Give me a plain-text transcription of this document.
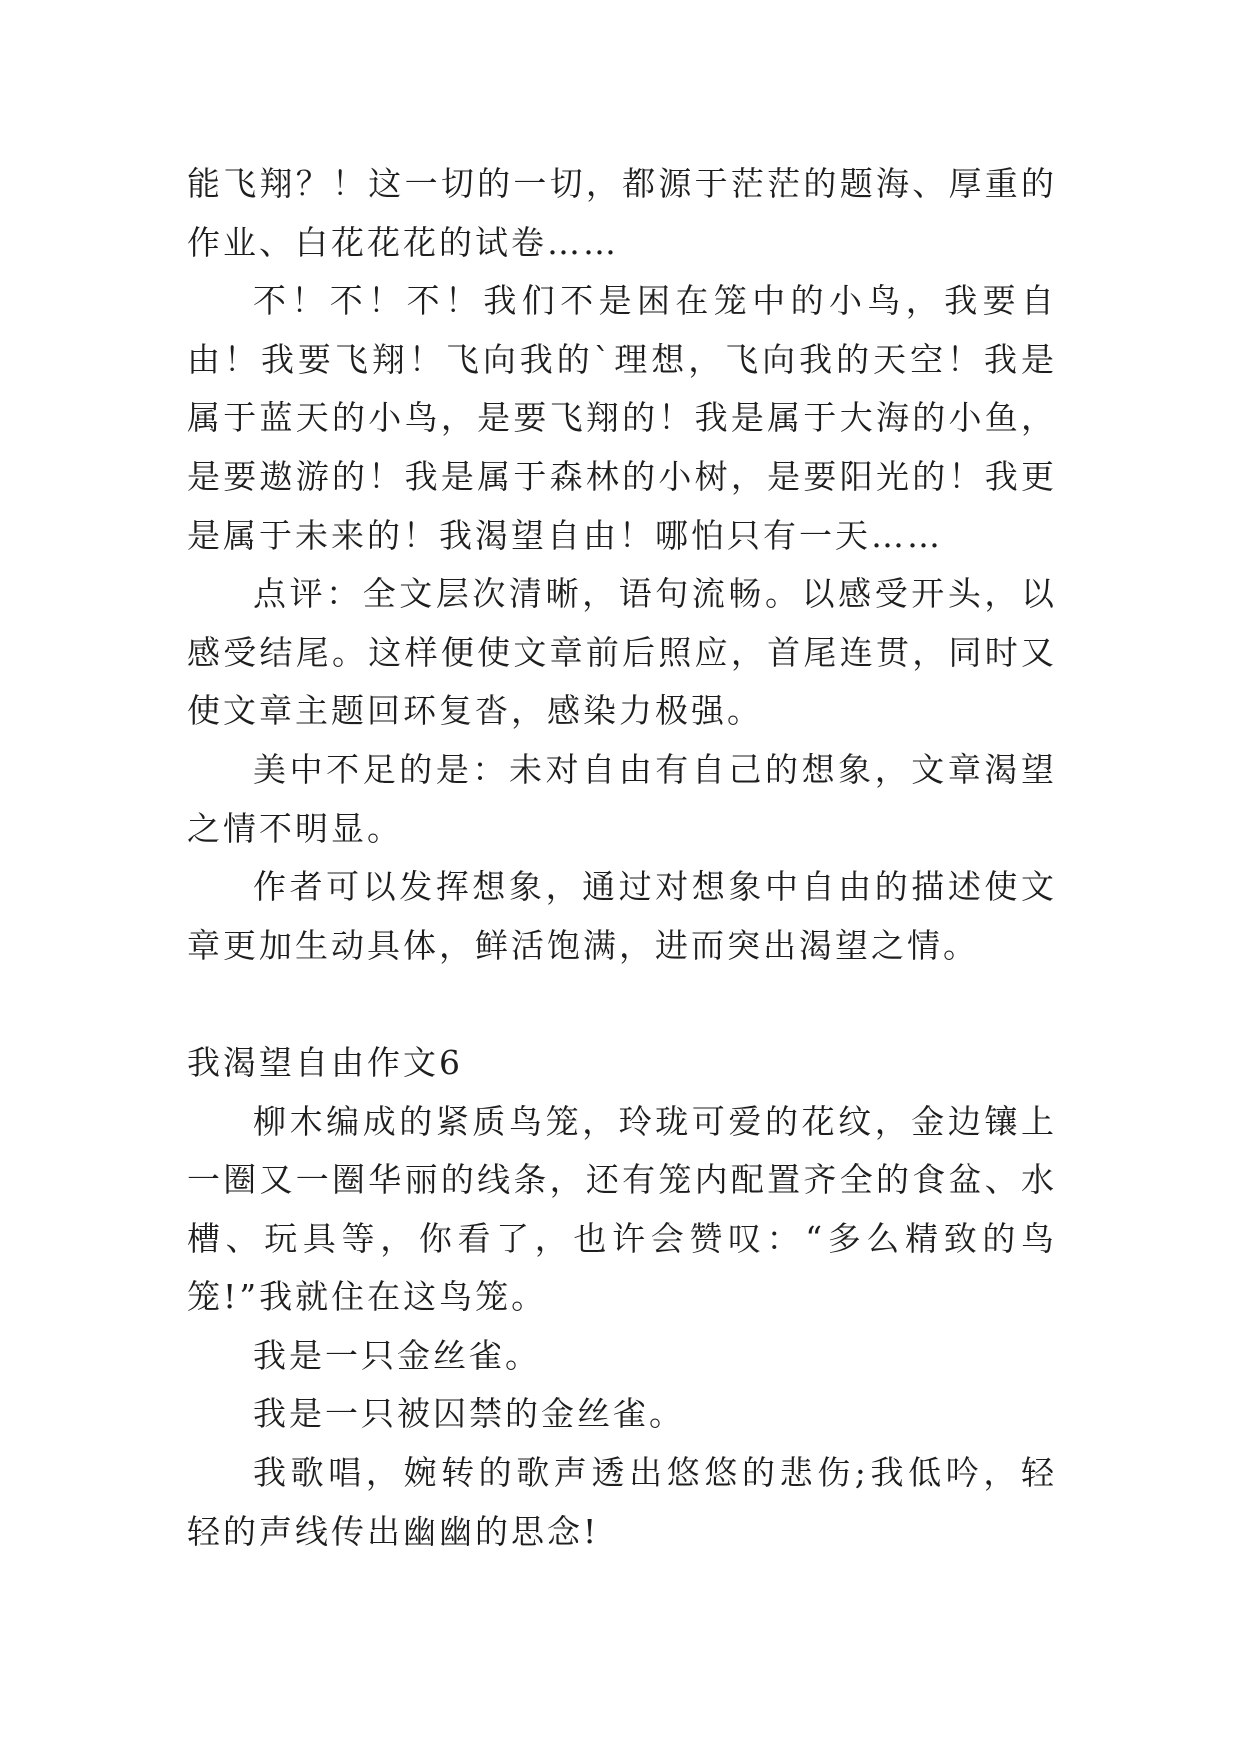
能飞翔？！这一切的一切，都源于茫茫的题海、厚重的作业、白花花花的试卷……

不！不！不！我们不是困在笼中的小鸟，我要自由！我要飞翔！飞向我的`理想，飞向我的天空！我是属于蓝天的小鸟，是要飞翔的！我是属于大海的小鱼，是要遨游的！我是属于森林的小树，是要阳光的！我更是属于未来的！我渴望自由！哪怕只有一天……

点评：全文层次清晰，语句流畅。以感受开头，以感受结尾。这样便使文章前后照应，首尾连贯，同时又使文章主题回环复沓，感染力极强。

美中不足的是：未对自由有自己的想象，文章渴望之情不明显。

作者可以发挥想象，通过对想象中自由的描述使文章更加生动具体，鲜活饱满，进而突出渴望之情。

我渴望自由作文6

柳木编成的紧质鸟笼，玲珑可爱的花纹，金边镶上一圈又一圈华丽的线条，还有笼内配置齐全的食盆、水槽、玩具等，你看了，也许会赞叹：“多么精致的鸟笼!”我就住在这鸟笼。

我是一只金丝雀。

我是一只被囚禁的金丝雀。

我歌唱，婉转的歌声透出悠悠的悲伤;我低吟，轻轻的声线传出幽幽的思念!
